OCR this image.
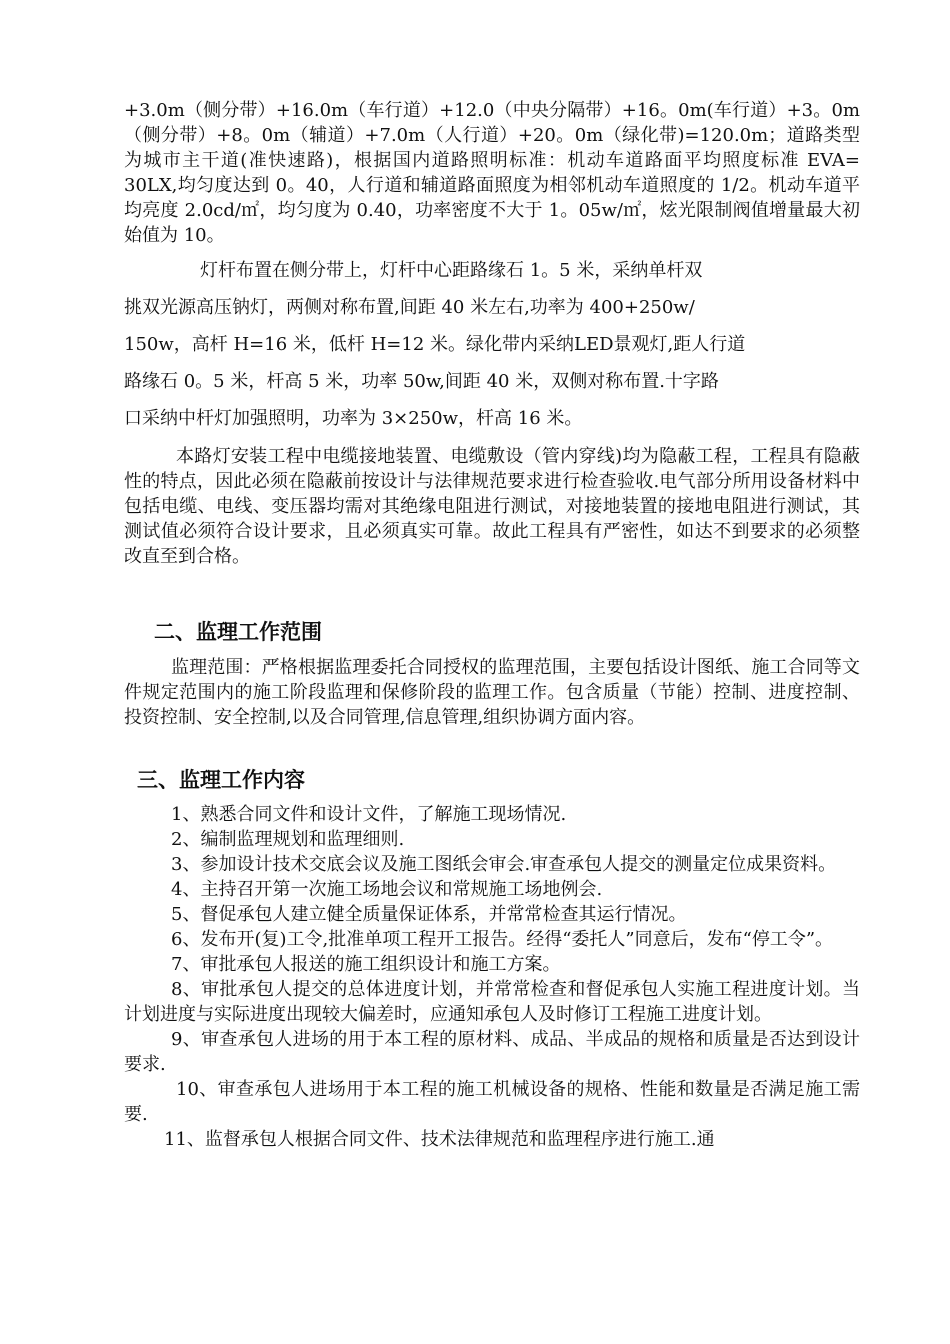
+3.0m（侧分带）+16.0m（车行道）+12.0（中央分隔带）+16。0m(车行道）+3。0m（侧分带）+8。0m（辅道）+7.0m（人行道）+20。0m（绿化带)=120.0m；道路类型为城市主干道(准快速路)，根据国内道路照明标准：机动车道路面平均照度标准 EVA= 30LX,均匀度达到 0。40，人行道和辅道路面照度为相邻机动车道照度的 1/2。机动车道平均亮度 2.0cd/㎡，均匀度为 0.40，功率密度不大于 1。05w/㎡，炫光限制阀值增量最大初始值为 10。

灯杆布置在侧分带上，灯杆中心距路缘石 1。5 米，采纳单杆双

挑双光源高压钠灯，两侧对称布置,间距 40 米左右,功率为 400+250w/

150w，高杆 H=16 米，低杆 H=12 米。绿化带内采纳LED景观灯,距人行道

路缘石 0。5 米，杆高 5 米，功率 50w,间距 40 米，双侧对称布置.十字路

口采纳中杆灯加强照明，功率为 3×250w，杆高 16 米。

本路灯安装工程中电缆接地装置、电缆敷设（管内穿线)均为隐蔽工程，工程具有隐蔽性的特点，因此必须在隐蔽前按设计与法律规范要求进行检查验收.电气部分所用设备材料中包括电缆、电线、变压器均需对其绝缘电阻进行测试，对接地装置的接地电阻进行测试，其测试值必须符合设计要求，且必须真实可靠。故此工程具有严密性，如达不到要求的必须整改直至到合格。

二、监理工作范围

监理范围：严格根据监理委托合同授权的监理范围，主要包括设计图纸、施工合同等文件规定范围内的施工阶段监理和保修阶段的监理工作。包含质量（节能）控制、进度控制、投资控制、安全控制,以及合同管理,信息管理,组织协调方面内容。

三、监理工作内容

1、熟悉合同文件和设计文件，了解施工现场情况.

2、编制监理规划和监理细则.

3、参加设计技术交底会议及施工图纸会审会.审查承包人提交的测量定位成果资料。

4、主持召开第一次施工场地会议和常规施工场地例会.

5、督促承包人建立健全质量保证体系，并常常检查其运行情况。

6、发布开(复)工令,批准单项工程开工报告。经得“委托人”同意后，发布“停工令”。

7、审批承包人报送的施工组织设计和施工方案。

8、审批承包人提交的总体进度计划，并常常检查和督促承包人实施工程进度计划。当计划进度与实际进度出现较大偏差时，应通知承包人及时修订工程施工进度计划。

9、审查承包人进场的用于本工程的原材料、成品、半成品的规格和质量是否达到设计要求.

10、审查承包人进场用于本工程的施工机械设备的规格、性能和数量是否满足施工需要.

11、监督承包人根据合同文件、技术法律规范和监理程序进行施工.通
